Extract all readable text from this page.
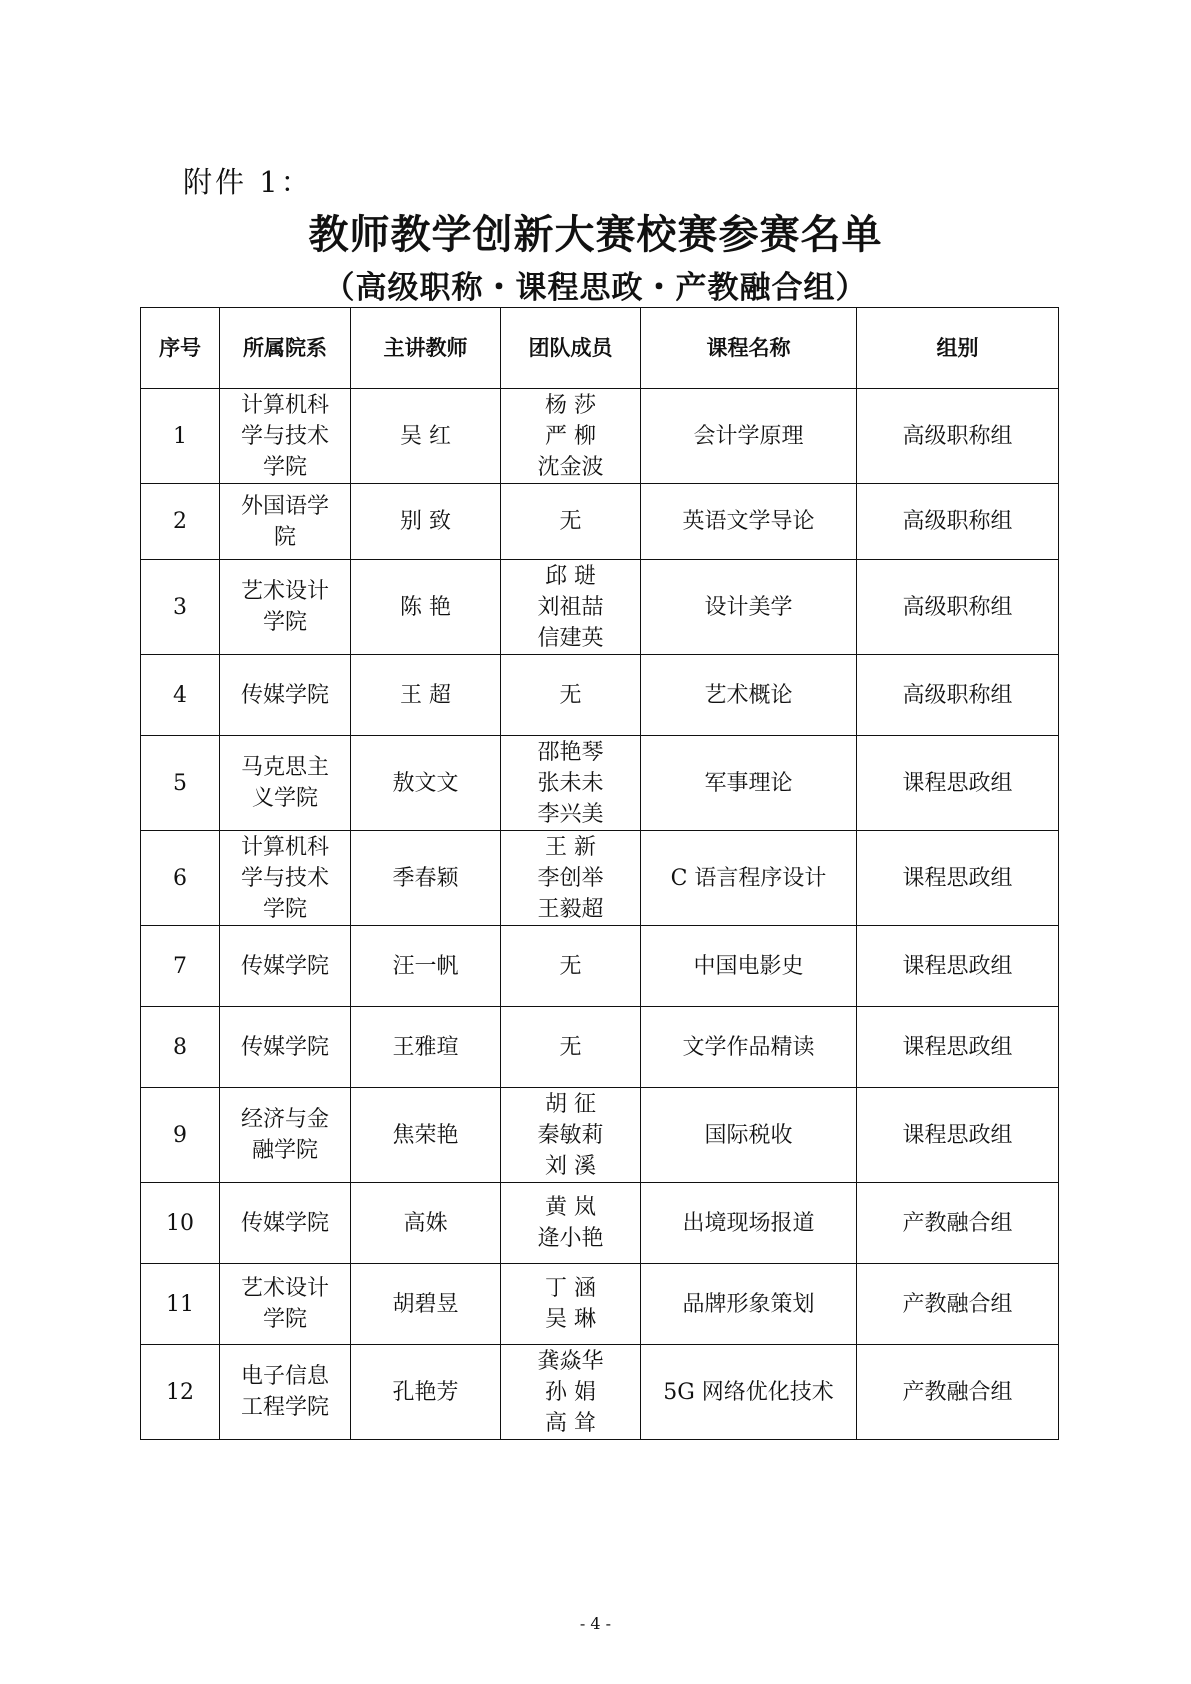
附件 1：
教师教学创新大赛校赛参赛名单
（高级职称・课程思政・产教融合组）
序号	所属院系	主讲教师	团队成员	课程名称	组别
1	计算机科学与技术学院	吴 红	杨 莎
严 柳
沈金波	会计学原理	高级职称组
2	外国语学院	别 致	无	英语文学导论	高级职称组
3	艺术设计学院	陈 艳	邱 琎
刘祖喆
信建英	设计美学	高级职称组
4	传媒学院	王 超	无	艺术概论	高级职称组
5	马克思主义学院	敖文文	邵艳琴
张未未
李兴美	军事理论	课程思政组
6	计算机科学与技术学院	季春颖	王 新
李创举
王毅超	C 语言程序设计	课程思政组
7	传媒学院	汪一帆	无	中国电影史	课程思政组
8	传媒学院	王雅瑄	无	文学作品精读	课程思政组
9	经济与金融学院	焦荣艳	胡 征
秦敏莉
刘 溪	国际税收	课程思政组
10	传媒学院	高姝	黄 岚
逄小艳	出境现场报道	产教融合组
11	艺术设计学院	胡碧昱	丁 涵
吴 琳	品牌形象策划	产教融合组
12	电子信息工程学院	孔艳芳	龚焱华
孙 娟
高 耸	5G 网络优化技术	产教融合组
- 4 -
